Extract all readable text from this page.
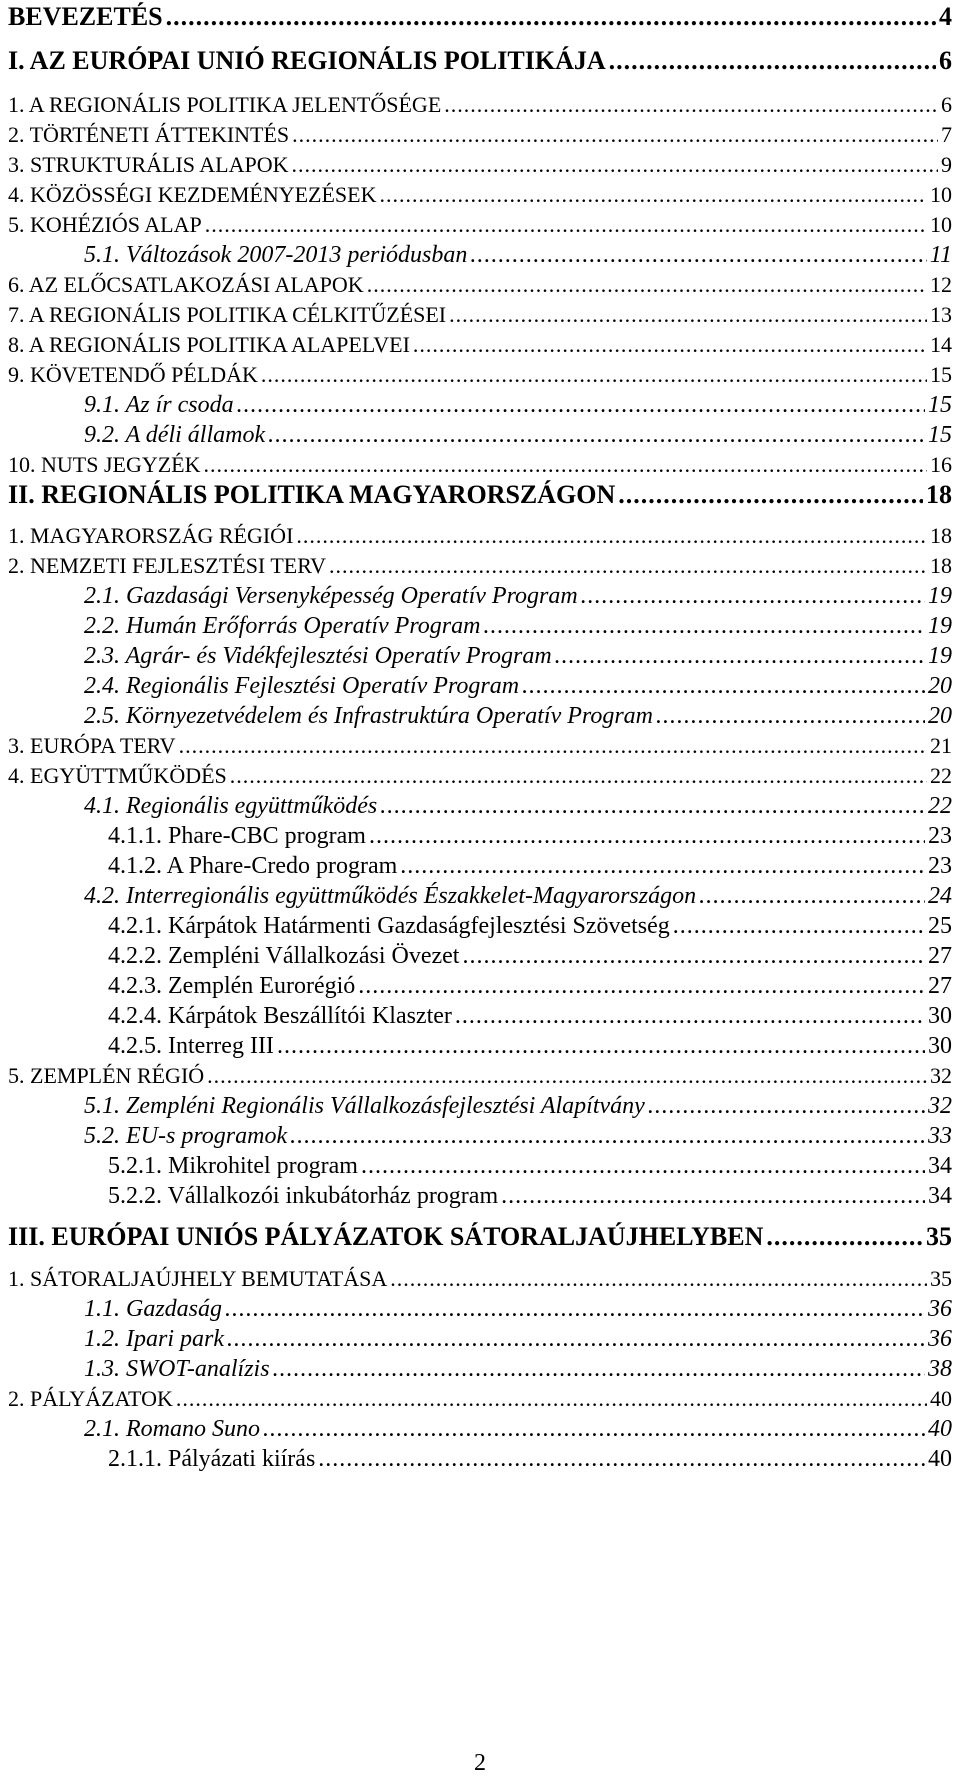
BEVEZETÉS .....	4
I. AZ EURÓPAI UNIÓ REGIONÁLIS POLITIKÁJA .....	6
1. A REGIONÁLIS POLITIKA JELENTŐSÉGE .....	6
2. TÖRTÉNETI ÁTTEKINTÉS .....	7
3. STRUKTURÁLIS ALAPOK .....	9
4. KÖZÖSSÉGI KEZDEMÉNYEZÉSEK .....	10
5. KOHÉZIÓS ALAP .....	10
5.1. Változások 2007-2013 periódusban .....	11
6. AZ ELŐCSATLAKOZÁSI ALAPOK .....	12
7. A REGIONÁLIS POLITIKA CÉLKITŰZÉSEI .....	13
8. A REGIONÁLIS POLITIKA ALAPELVEI .....	14
9. KÖVETENDŐ PÉLDÁK .....	15
9.1. Az ír csoda .....	15
9.2. A déli államok .....	15
10. NUTS JEGYZÉK .....	16
II. REGIONÁLIS POLITIKA MAGYARORSZÁGON .....	18
1. MAGYARORSZÁG RÉGIÓI .....	18
2. NEMZETI FEJLESZTÉSI TERV .....	18
2.1. Gazdasági Versenyképesség Operatív Program .....	19
2.2. Humán Erőforrás Operatív Program .....	19
2.3. Agrár- és Vidékfejlesztési Operatív Program .....	19
2.4. Regionális Fejlesztési Operatív Program .....	20
2.5. Környezetvédelem és Infrastruktúra Operatív Program .....	20
3. EURÓPA TERV .....	21
4. EGYÜTTMŰKÖDÉS .....	22
4.1. Regionális együttműködés .....	22
4.1.1. Phare-CBC program .....	23
4.1.2. A Phare-Credo program .....	23
4.2. Interregionális együttműködés Északkelet-Magyarországon .....	24
4.2.1. Kárpátok Határmenti Gazdaságfejlesztési Szövetség .....	25
4.2.2. Zempléni Vállalkozási Övezet .....	27
4.2.3. Zemplén Eurorégió .....	27
4.2.4. Kárpátok Beszállítói Klaszter .....	30
4.2.5. Interreg III .....	30
5. ZEMPLÉN RÉGIÓ .....	32
5.1. Zempléni Regionális Vállalkozásfejlesztési Alapítvány .....	32
5.2. EU-s programok .....	33
5.2.1. Mikrohitel program .....	34
5.2.2. Vállalkozói inkubátorház program .....	34
III. EURÓPAI UNIÓS PÁLYÁZATOK SÁTORALJAÚJHELYBEN .....	35
1. SÁTORALJAÚJHELY BEMUTATÁSA .....	35
1.1. Gazdaság .....	36
1.2. Ipari park .....	36
1.3. SWOT-analízis .....	38
2. PÁLYÁZATOK .....	40
2.1. Romano Suno .....	40
2.1.1. Pályázati kiírás .....	40
2
